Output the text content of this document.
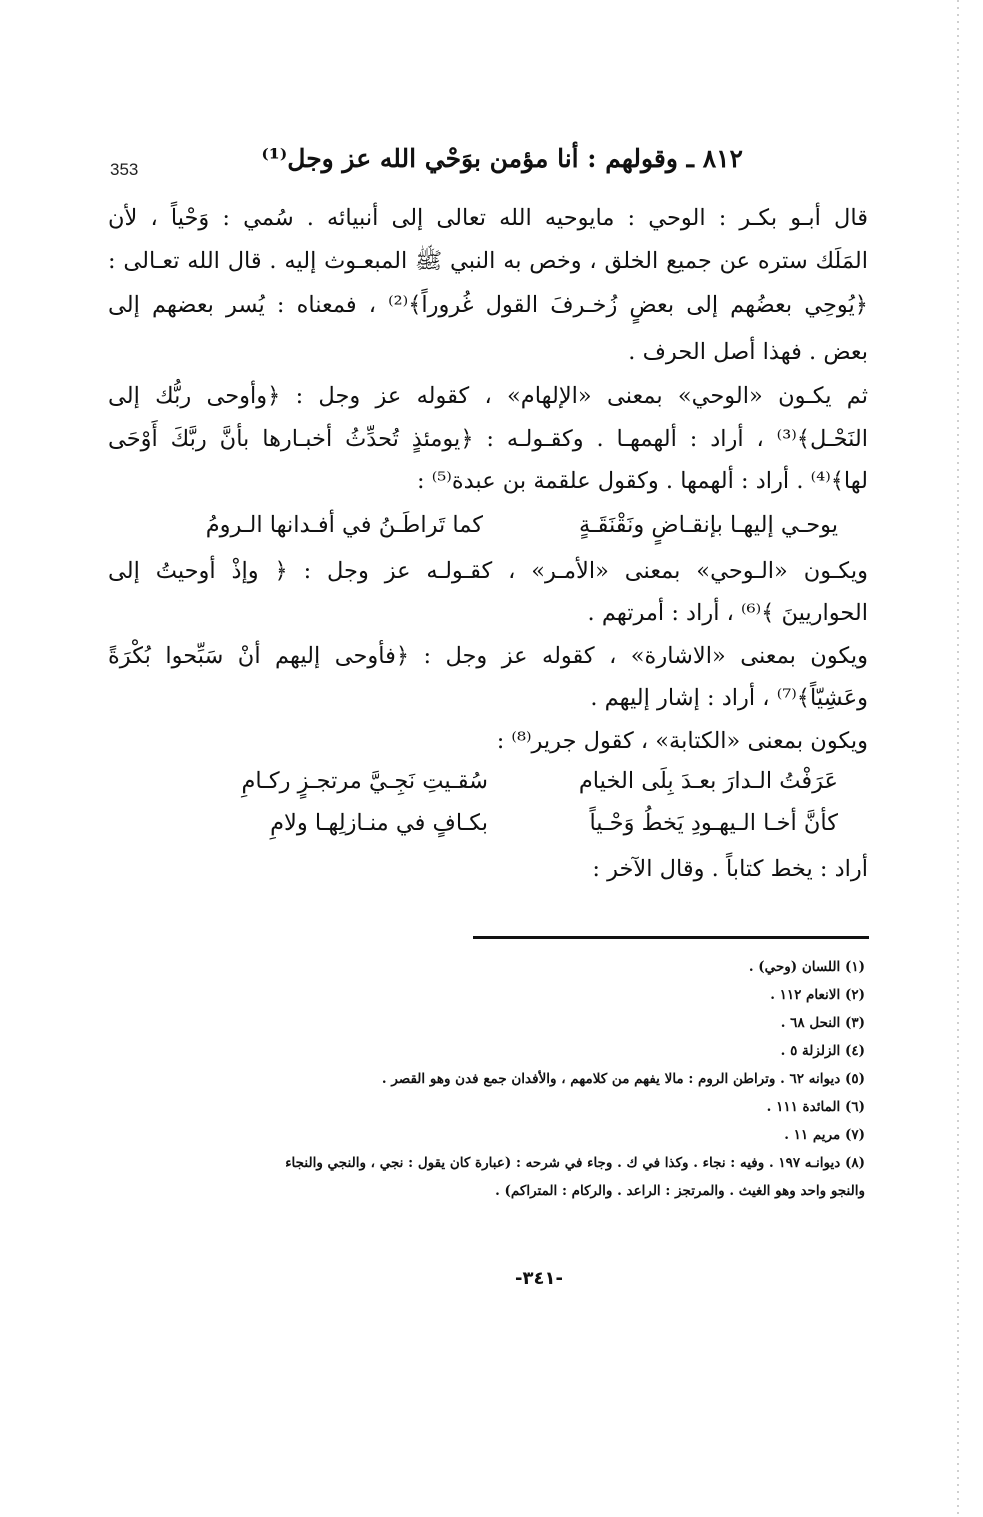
353	٨١٢ ـ وقولهم : أنا مؤمن بوَحْي الله عز وجل⁽¹⁾
قال أبـو بكـر : الوحي : مايوحيه الله تعالى إلى أنبيائه . سُمي : وَحْياً ، لأن
المَلَك ستره عن جميع الخلق ، وخص به النبي ﷺ المبعـوث إليه . قال الله تعـالى :
﴿يُوحِي بعضُهم إلى بعضٍ زُخـرفَ القول غُروراً﴾⁽²⁾ ، فمعناه : يُسر بعضهم إلى
بعض . فهذا أصل الحرف .
ثم يكـون «الوحي» بمعنى «الإلهام» ، كقوله عز وجل : ﴿وأوحى ربُّك إلى
النَحْـل﴾⁽³⁾ ، أراد : ألهمهـا . وكقـولـه : ﴿يومئذٍ تُحدِّثُ أخبـارها بأنَّ ربَّكَ أَوْحَى
لها﴾⁽⁴⁾ . أراد : ألهمها . وكقول علقمة بن عبدة⁽⁵⁾ :
يوحـي إليهـا بإنقـاضٍ ونَقْنَقَـةٍ
كما تَراطَـنُ في أفـدانها الـرومُ
ويكـون «الـوحي» بمعنى «الأمـر» ، كقـولـه عز وجل : ﴿ وإذْ أوحيتُ إلى
الحواريينَ ﴾⁽⁶⁾ ، أراد : أمرتهم .
ويكون بمعنى «الاشارة» ، كقوله عز وجل : ﴿فأوحى إليهم أنْ سَبِّحوا بُكْرَةً
وعَشِيّاً﴾⁽⁷⁾ ، أراد : إشار إليهم .
ويكون بمعنى «الكتابة» ، كقول جرير⁽⁸⁾ :
عَرَفْتُ الـدارَ بعـدَ بِلَى الخيام
سُقـيتِ نَجِـيَّ مرتجـزٍ ركـامِ
كأنَّ أخـا الـيهـودِ يَخطُ وَحْـياً
بكـافٍ في منـازلِهـا ولامِ
أراد : يخط كتاباً . وقال الآخر :
(١) اللسان (وحي) .
(٢) الانعام ١١٢ .
(٣) النحل ٦٨ .
(٤) الزلزلة ٥ .
(٥) ديوانه ٦٢ . وتراطن الروم : مالا يفهم من كلامهم ، والأفدان جمع فدن وهو القصر .
(٦) المائدة ١١١ .
(٧) مريم ١١ .
(٨) ديوانـه ١٩٧ . وفيه : نجاء . وكذا في ك . وجاء في شرحه : (عبارة كان يقول : نجي ، والنجي والنجاء
والنجو واحد وهو الغيث . والمرتجز : الراعد . والركام : المتراكم) .
-٣٤١-
